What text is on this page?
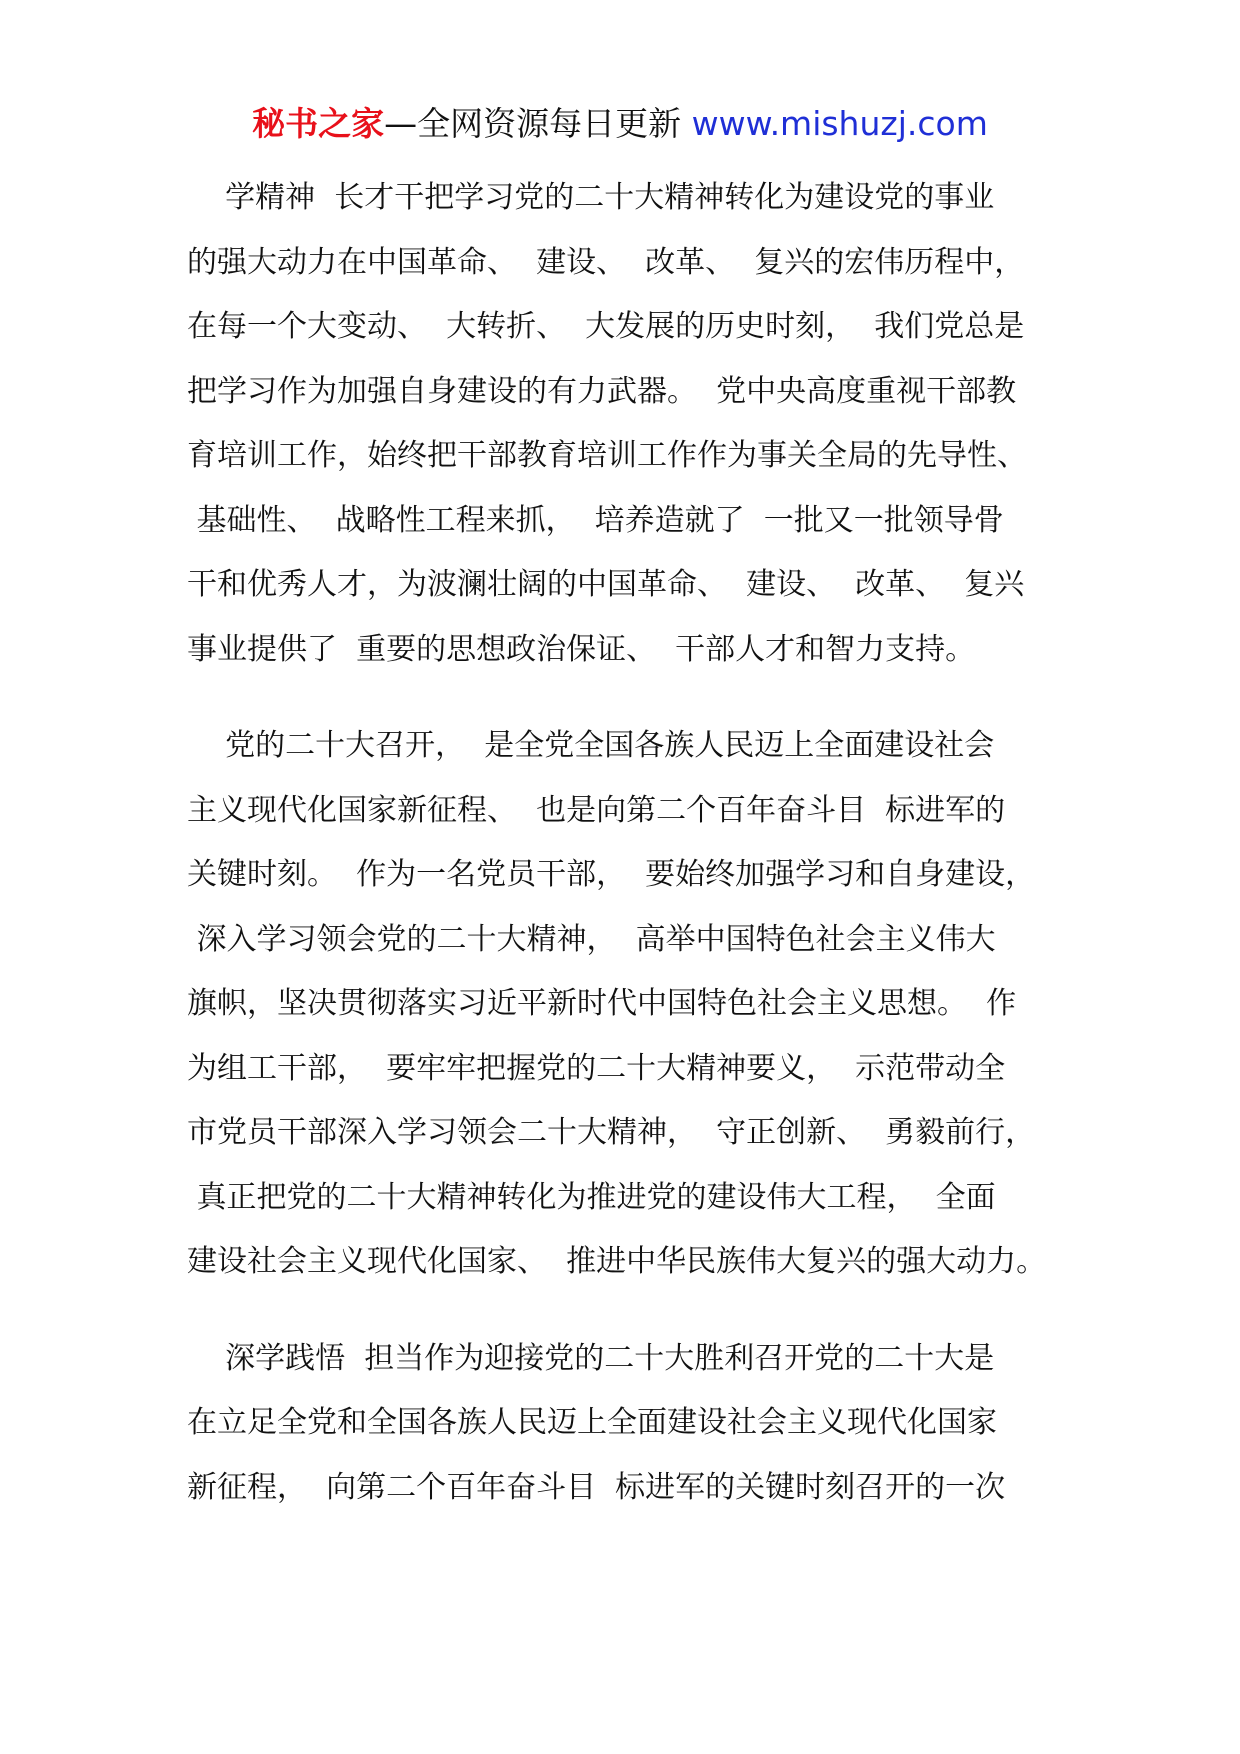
秘书之家—全网资源每日更新 www.mishuzj.com
学精神  长才干把学习党的二十大精神转化为建设党的事业
的强大动力在中国革命、  建设、  改革、  复兴的宏伟历程中，
在每一个大变动、  大转折、  大发展的历史时刻，  我们党总是
把学习作为加强自身建设的有力武器。  党中央高度重视干部教
育培训工作，始终把干部教育培训工作作为事关全局的先导性、
基础性、  战略性工程来抓，  培养造就了  一批又一批领导骨
干和优秀人才，为波澜壮阔的中国革命、  建设、  改革、  复兴
事业提供了  重要的思想政治保证、  干部人才和智力支持。
党的二十大召开，  是全党全国各族人民迈上全面建设社会
主义现代化国家新征程、  也是向第二个百年奋斗目  标进军的
关键时刻。  作为一名党员干部，  要始终加强学习和自身建设，
深入学习领会党的二十大精神，  高举中国特色社会主义伟大
旗帜，坚决贯彻落实习近平新时代中国特色社会主义思想。  作
为组工干部，  要牢牢把握党的二十大精神要义，  示范带动全
市党员干部深入学习领会二十大精神，  守正创新、  勇毅前行，
真正把党的二十大精神转化为推进党的建设伟大工程，  全面
建设社会主义现代化国家、  推进中华民族伟大复兴的强大动力。
深学践悟  担当作为迎接党的二十大胜利召开党的二十大是
在立足全党和全国各族人民迈上全面建设社会主义现代化国家
新征程，  向第二个百年奋斗目  标进军的关键时刻召开的一次
